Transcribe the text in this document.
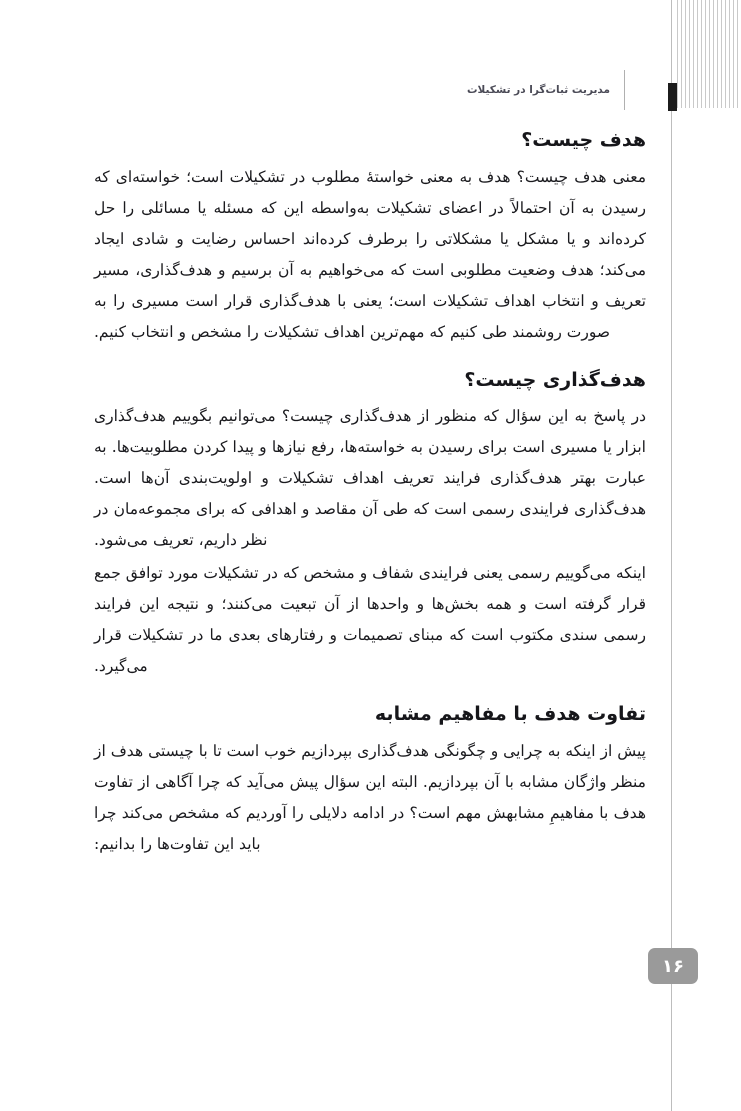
مدیریت ثبات‌گرا در تشکیلات
هدف چیست؟

معنی هدف چیست؟ هدف به معنی خواستهٔ مطلوب در تشکیلات است؛ خواسته‌ای که رسیدن به آن احتمالاً در اعضای تشکیلات به‌واسطه این که مسئله یا مسائلی را حل کرده‌اند و یا مشکل یا مشکلاتی را برطرف کرده‌اند احساس رضایت و شادی ایجاد می‌کند؛ هدف وضعیت مطلوبی است که می‌خواهیم به آن برسیم و هدف‌گذاری، مسیر تعریف و انتخاب اهداف تشکیلات است؛ یعنی با هدف‌گذاری قرار است مسیری را به صورت روشمند طی کنیم که مهم‌ترین اهداف تشکیلات را مشخص و انتخاب کنیم.

هدف‌گذاری چیست؟

در پاسخ به این سؤال که منظور از هدف‌گذاری چیست؟ می‌توانیم بگوییم هدف‌گذاری ابزار یا مسیری است برای رسیدن به خواسته‌ها، رفع نیازها و پیدا کردن مطلوبیت‌ها. به عبارت بهتر هدف‌گذاری فرایند تعریف اهداف تشکیلات و اولویت‌بندی آن‌ها است. هدف‌گذاری فرایندی رسمی است که طی آن مقاصد و اهدافی که برای مجموعه‌مان در نظر داریم، تعریف می‌شود.

اینکه می‌گوییم رسمی یعنی فرایندی شفاف و مشخص که در تشکیلات مورد توافق جمع قرار گرفته است و همه بخش‌ها و واحدها از آن تبعیت می‌کنند؛ و نتیجه این فرایند رسمی سندی مکتوب است که مبنای تصمیمات و رفتارهای بعدی ما در تشکیلات قرار می‌گیرد.

تفاوت هدف با مفاهیم مشابه

پیش از اینکه به چرایی و چگونگی هدف‌گذاری بپردازیم خوب است تا با چیستی هدف از منظر واژگان مشابه با آن بپردازیم. البته این سؤال پیش می‌آید که چرا آگاهی از تفاوت هدف با مفاهیمِ مشابهش مهم است؟ در ادامه دلایلی را آوردیم که مشخص می‌کند چرا باید این تفاوت‌ها را بدانیم:

۱۶
